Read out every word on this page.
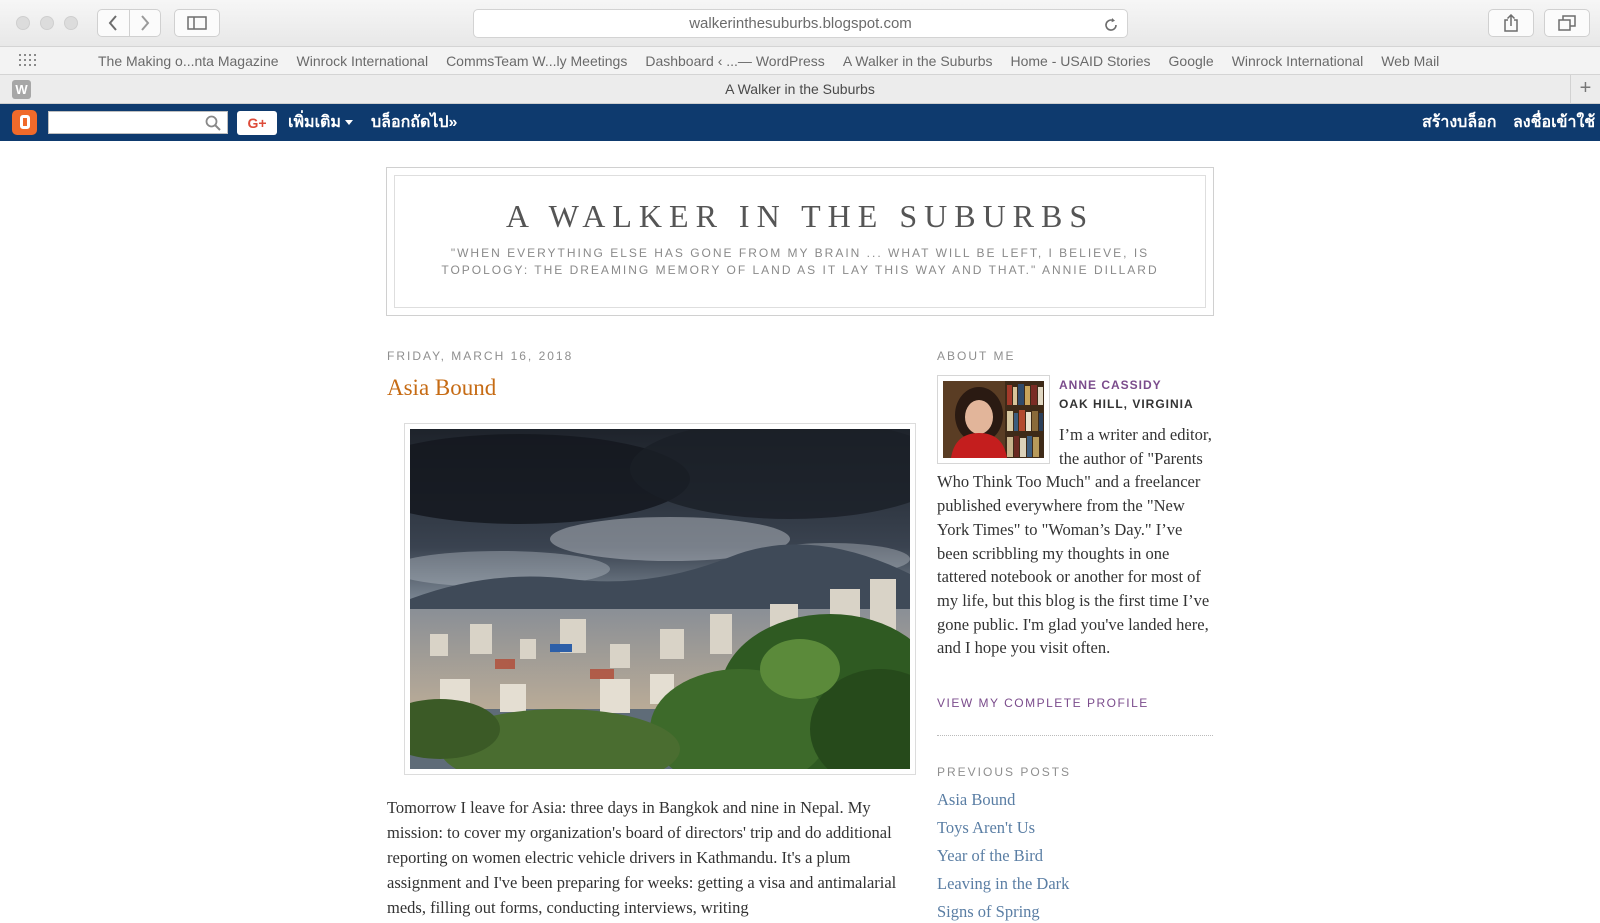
walkerinthesuburbs.blogspot.com
The Making o...nta Magazine Winrock International CommsTeam W...ly Meetings Dashboard ‹ ...— WordPress A Walker in the Suburbs Home - USAID Stories Google Winrock International Web Mail
A Walker in the Suburbs
W	+
G+	เพิ่มเติม	บล็อกถัดไป»	สร้างบล็อก ลงชื่อเข้าใช้
A WALKER IN THE SUBURBS
"WHEN EVERYTHING ELSE HAS GONE FROM MY BRAIN ... WHAT WILL BE LEFT, I BELIEVE, IS TOPOLOGY: THE DREAMING MEMORY OF LAND AS IT LAY THIS WAY AND THAT." ANNIE DILLARD
FRIDAY, MARCH 16, 2018
Asia Bound
Tomorrow I leave for Asia: three days in Bangkok and nine in Nepal. My mission: to cover my organization's board of directors' trip and do additional reporting on women electric vehicle drivers in Kathmandu. It's a plum assignment and I've been preparing for weeks: getting a visa and antimalarial meds, filling out forms, conducting interviews, writing
ABOUT ME
ANNE CASSIDY
OAK HILL, VIRGINIA
I’m a writer and editor, the author of "Parents Who Think Too Much" and a freelancer published everywhere from the "New York Times" to "Woman’s Day." I’ve been scribbling my thoughts in one tattered notebook or another for most of my life, but this blog is the first time I’ve gone public. I'm glad you've landed here, and I hope you visit often.
VIEW MY COMPLETE PROFILE
PREVIOUS POSTS
Asia Bound
Toys Aren't Us
Year of the Bird
Leaving in the Dark
Signs of Spring
